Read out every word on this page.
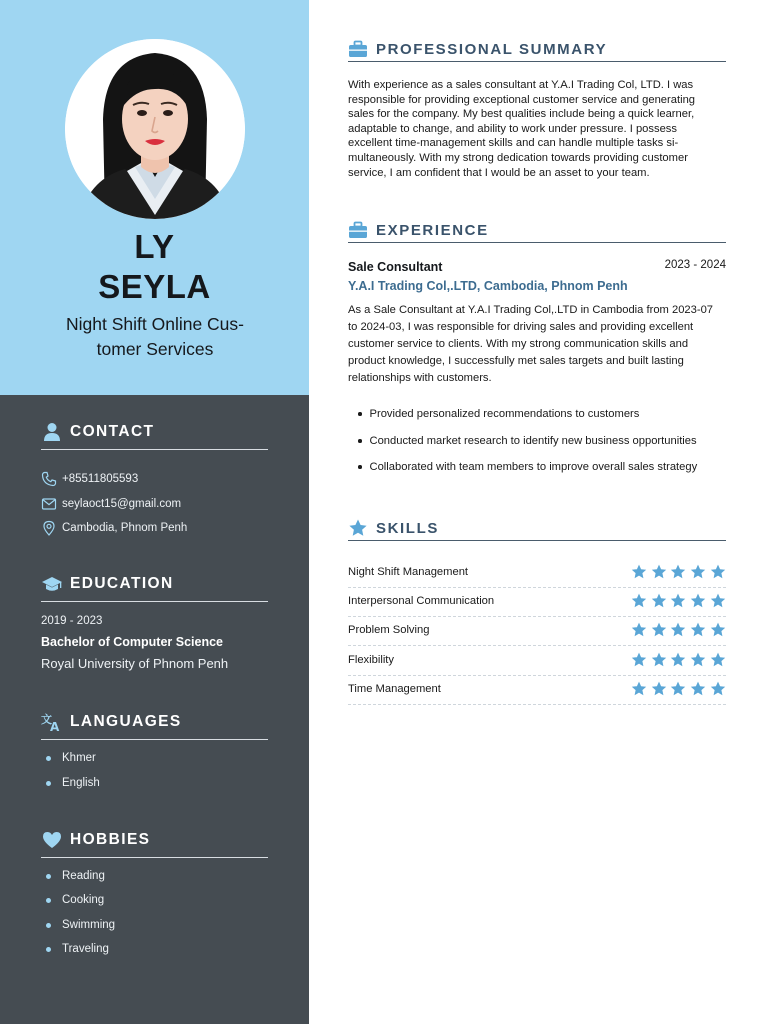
LY
SEYLA
Night Shift Online Cus-
tomer Services
CONTACT
+85511805593
seylaoct15@gmail.com
Cambodia, Phnom Penh
EDUCATION
2019 - 2023
Bachelor of Computer Science
Royal University of Phnom Penh
文
A LANGUAGES
Khmer
English
HOBBIES
Reading
Cooking
Swimming
Traveling
PROFESSIONAL SUMMARY
With experience as a sales consultant at Y.A.I Trading Col, LTD. I was
responsible for providing exceptional customer service and generating
sales for the company. My best qualities include being a quick learner,
adaptable to change, and ability to work under pressure. I possess
excellent time-management skills and can handle multiple tasks si-
multaneously. With my strong dedication towards providing customer
service, I am confident that I would be an asset to your team.
EXPERIENCE
Sale Consultant	2023 - 2024
Y.A.I Trading Col,.LTD, Cambodia, Phnom Penh
As a Sale Consultant at Y.A.I Trading Col,.LTD in Cambodia from 2023-07
to 2024-03, I was responsible for driving sales and providing excellent
customer service to clients. With my strong communication skills and
product knowledge, I successfully met sales targets and built lasting
relationships with customers.
Provided personalized recommendations to customers
Conducted market research to identify new business opportunities
Collaborated with team members to improve overall sales strategy
SKILLS
Night Shift Management
Interpersonal Communication
Problem Solving
Flexibility
Time Management
